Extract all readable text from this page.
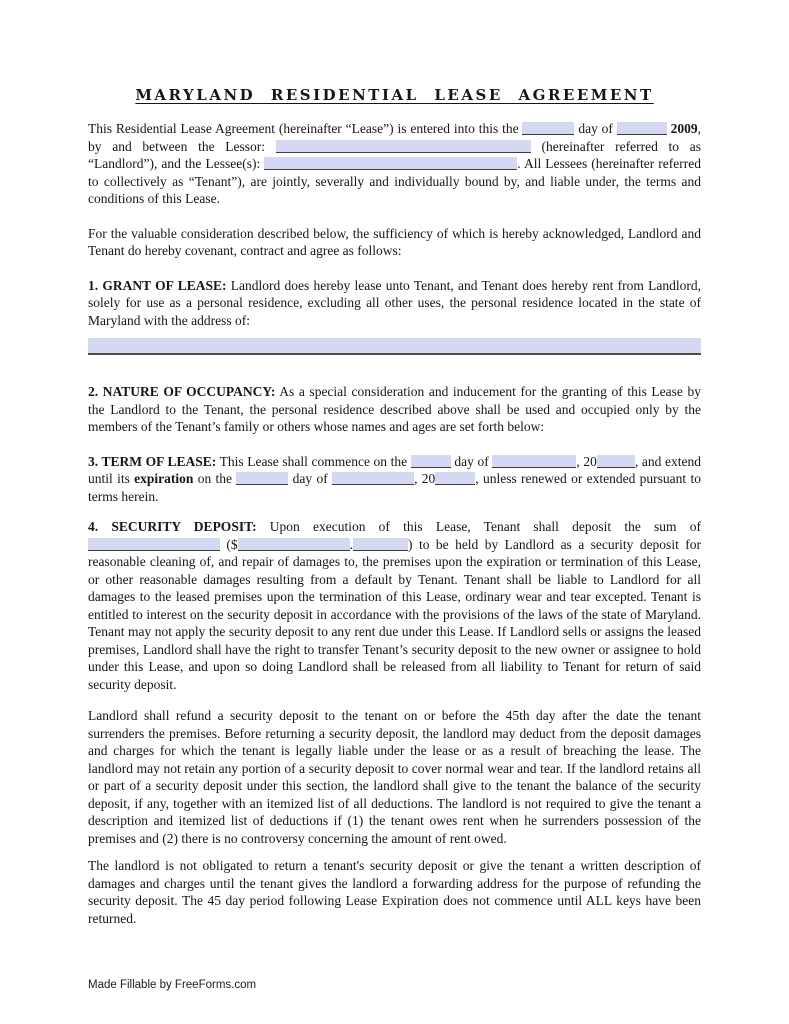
MARYLAND RESIDENTIAL LEASE AGREEMENT

This Residential Lease Agreement (hereinafter “Lease”) is entered into this the	day of	2009, by and between the Lessor:	(hereinafter referred to as “Landlord”), and the Lessee(s):	. All Lessees (hereinafter referred to collectively as “Tenant”), are jointly, severally and individually bound by, and liable under, the terms and conditions of this Lease.

For the valuable consideration described below, the sufficiency of which is hereby acknowledged, Landlord and Tenant do hereby covenant, contract and agree as follows:

1. GRANT OF LEASE: Landlord does hereby lease unto Tenant, and Tenant does hereby rent from Landlord, solely for use as a personal residence, excluding all other uses, the personal residence located in the state of Maryland with the address of:

2. NATURE OF OCCUPANCY: As a special consideration and inducement for the granting of this Lease by the Landlord to the Tenant, the personal residence described above shall be used and occupied only by the members of the Tenant’s family or others whose names and ages are set forth below:

3. TERM OF LEASE: This Lease shall commence on the	day of	, 20	, and extend until its expiration on the	day of	, 20	, unless renewed or extended pursuant to terms herein.

4. SECURITY DEPOSIT: Upon execution of this Lease, Tenant shall deposit the sum of  ($	.	) to be held by Landlord as a security deposit for reasonable cleaning of, and repair of damages to, the premises upon the expiration or termination of this Lease, or other reasonable damages resulting from a default by Tenant. Tenant shall be liable to Landlord for all damages to the leased premises upon the termination of this Lease, ordinary wear and tear excepted. Tenant is entitled to interest on the security deposit in accordance with the provisions of the laws of the state of Maryland. Tenant may not apply the security deposit to any rent due under this Lease. If Landlord sells or assigns the leased premises, Landlord shall have the right to transfer Tenant’s security deposit to the new owner or assignee to hold under this Lease, and upon so doing Landlord shall be released from all liability to Tenant for return of said security deposit.

Landlord shall refund a security deposit to the tenant on or before the 45th day after the date the tenant surrenders the premises. Before returning a security deposit, the landlord may deduct from the deposit damages and charges for which the tenant is legally liable under the lease or as a result of breaching the lease. The landlord may not retain any portion of a security deposit to cover normal wear and tear. If the landlord retains all or part of a security deposit under this section, the landlord shall give to the tenant the balance of the security deposit, if any, together with an itemized list of all deductions. The landlord is not required to give the tenant a description and itemized list of deductions if (1) the tenant owes rent when he surrenders possession of the premises and (2) there is no controversy concerning the amount of rent owed.

The landlord is not obligated to return a tenant's security deposit or give the tenant a written description of damages and charges until the tenant gives the landlord a forwarding address for the purpose of refunding the security deposit. The 45 day period following Lease Expiration does not commence until ALL keys have been returned.

Made Fillable by FreeForms.com
